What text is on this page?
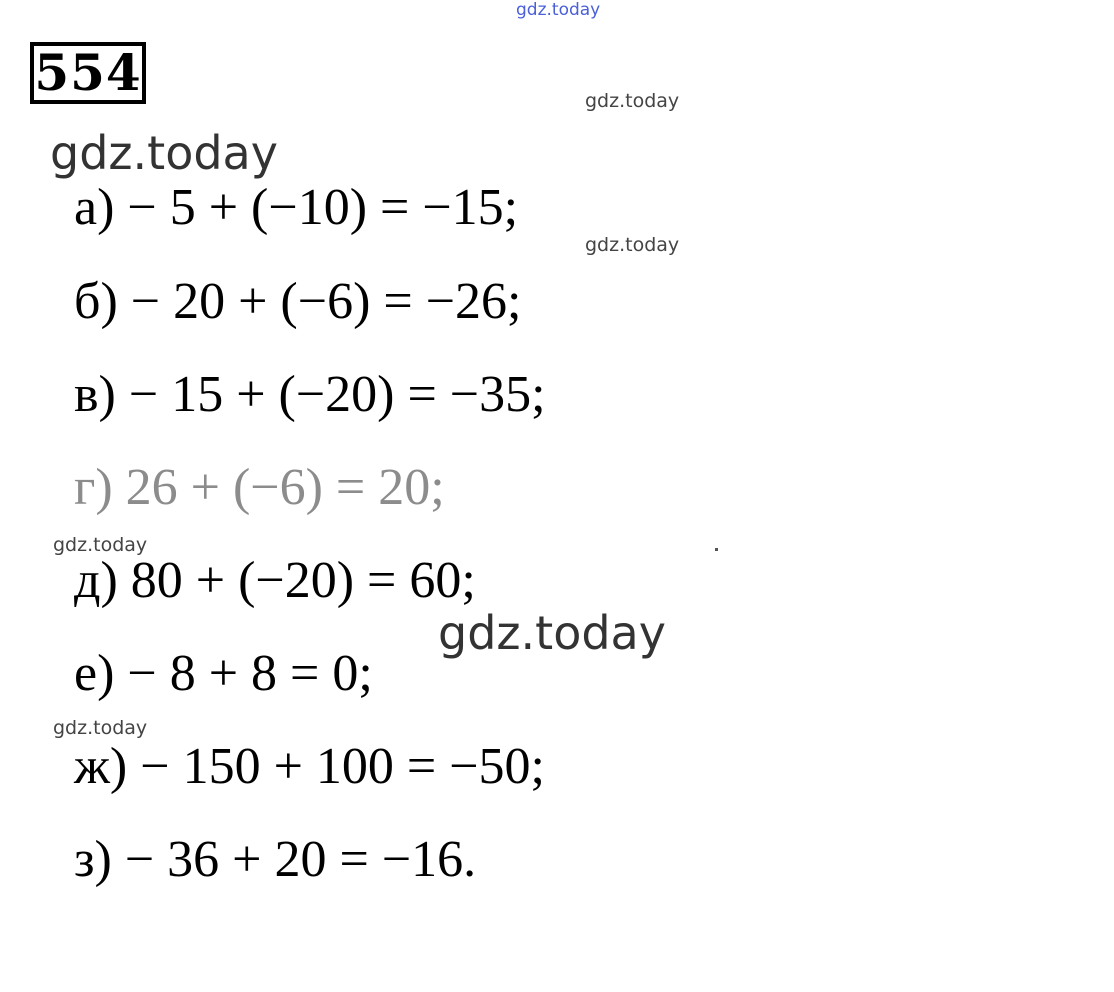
gdz.today
554	gdz.today
gdz.today
а) − 5 + (−10) = −15;
gdz.today
б) − 20 + (−6) = −26;
в) − 15 + (−20) = −35;
г) 26 + (−6) = 20;
gdz.today
д) 80 + (−20) = 60;
gdz.today
е) − 8 + 8 = 0;
gdz.today
ж) − 150 + 100 = −50;
з) − 36 + 20 = −16.
